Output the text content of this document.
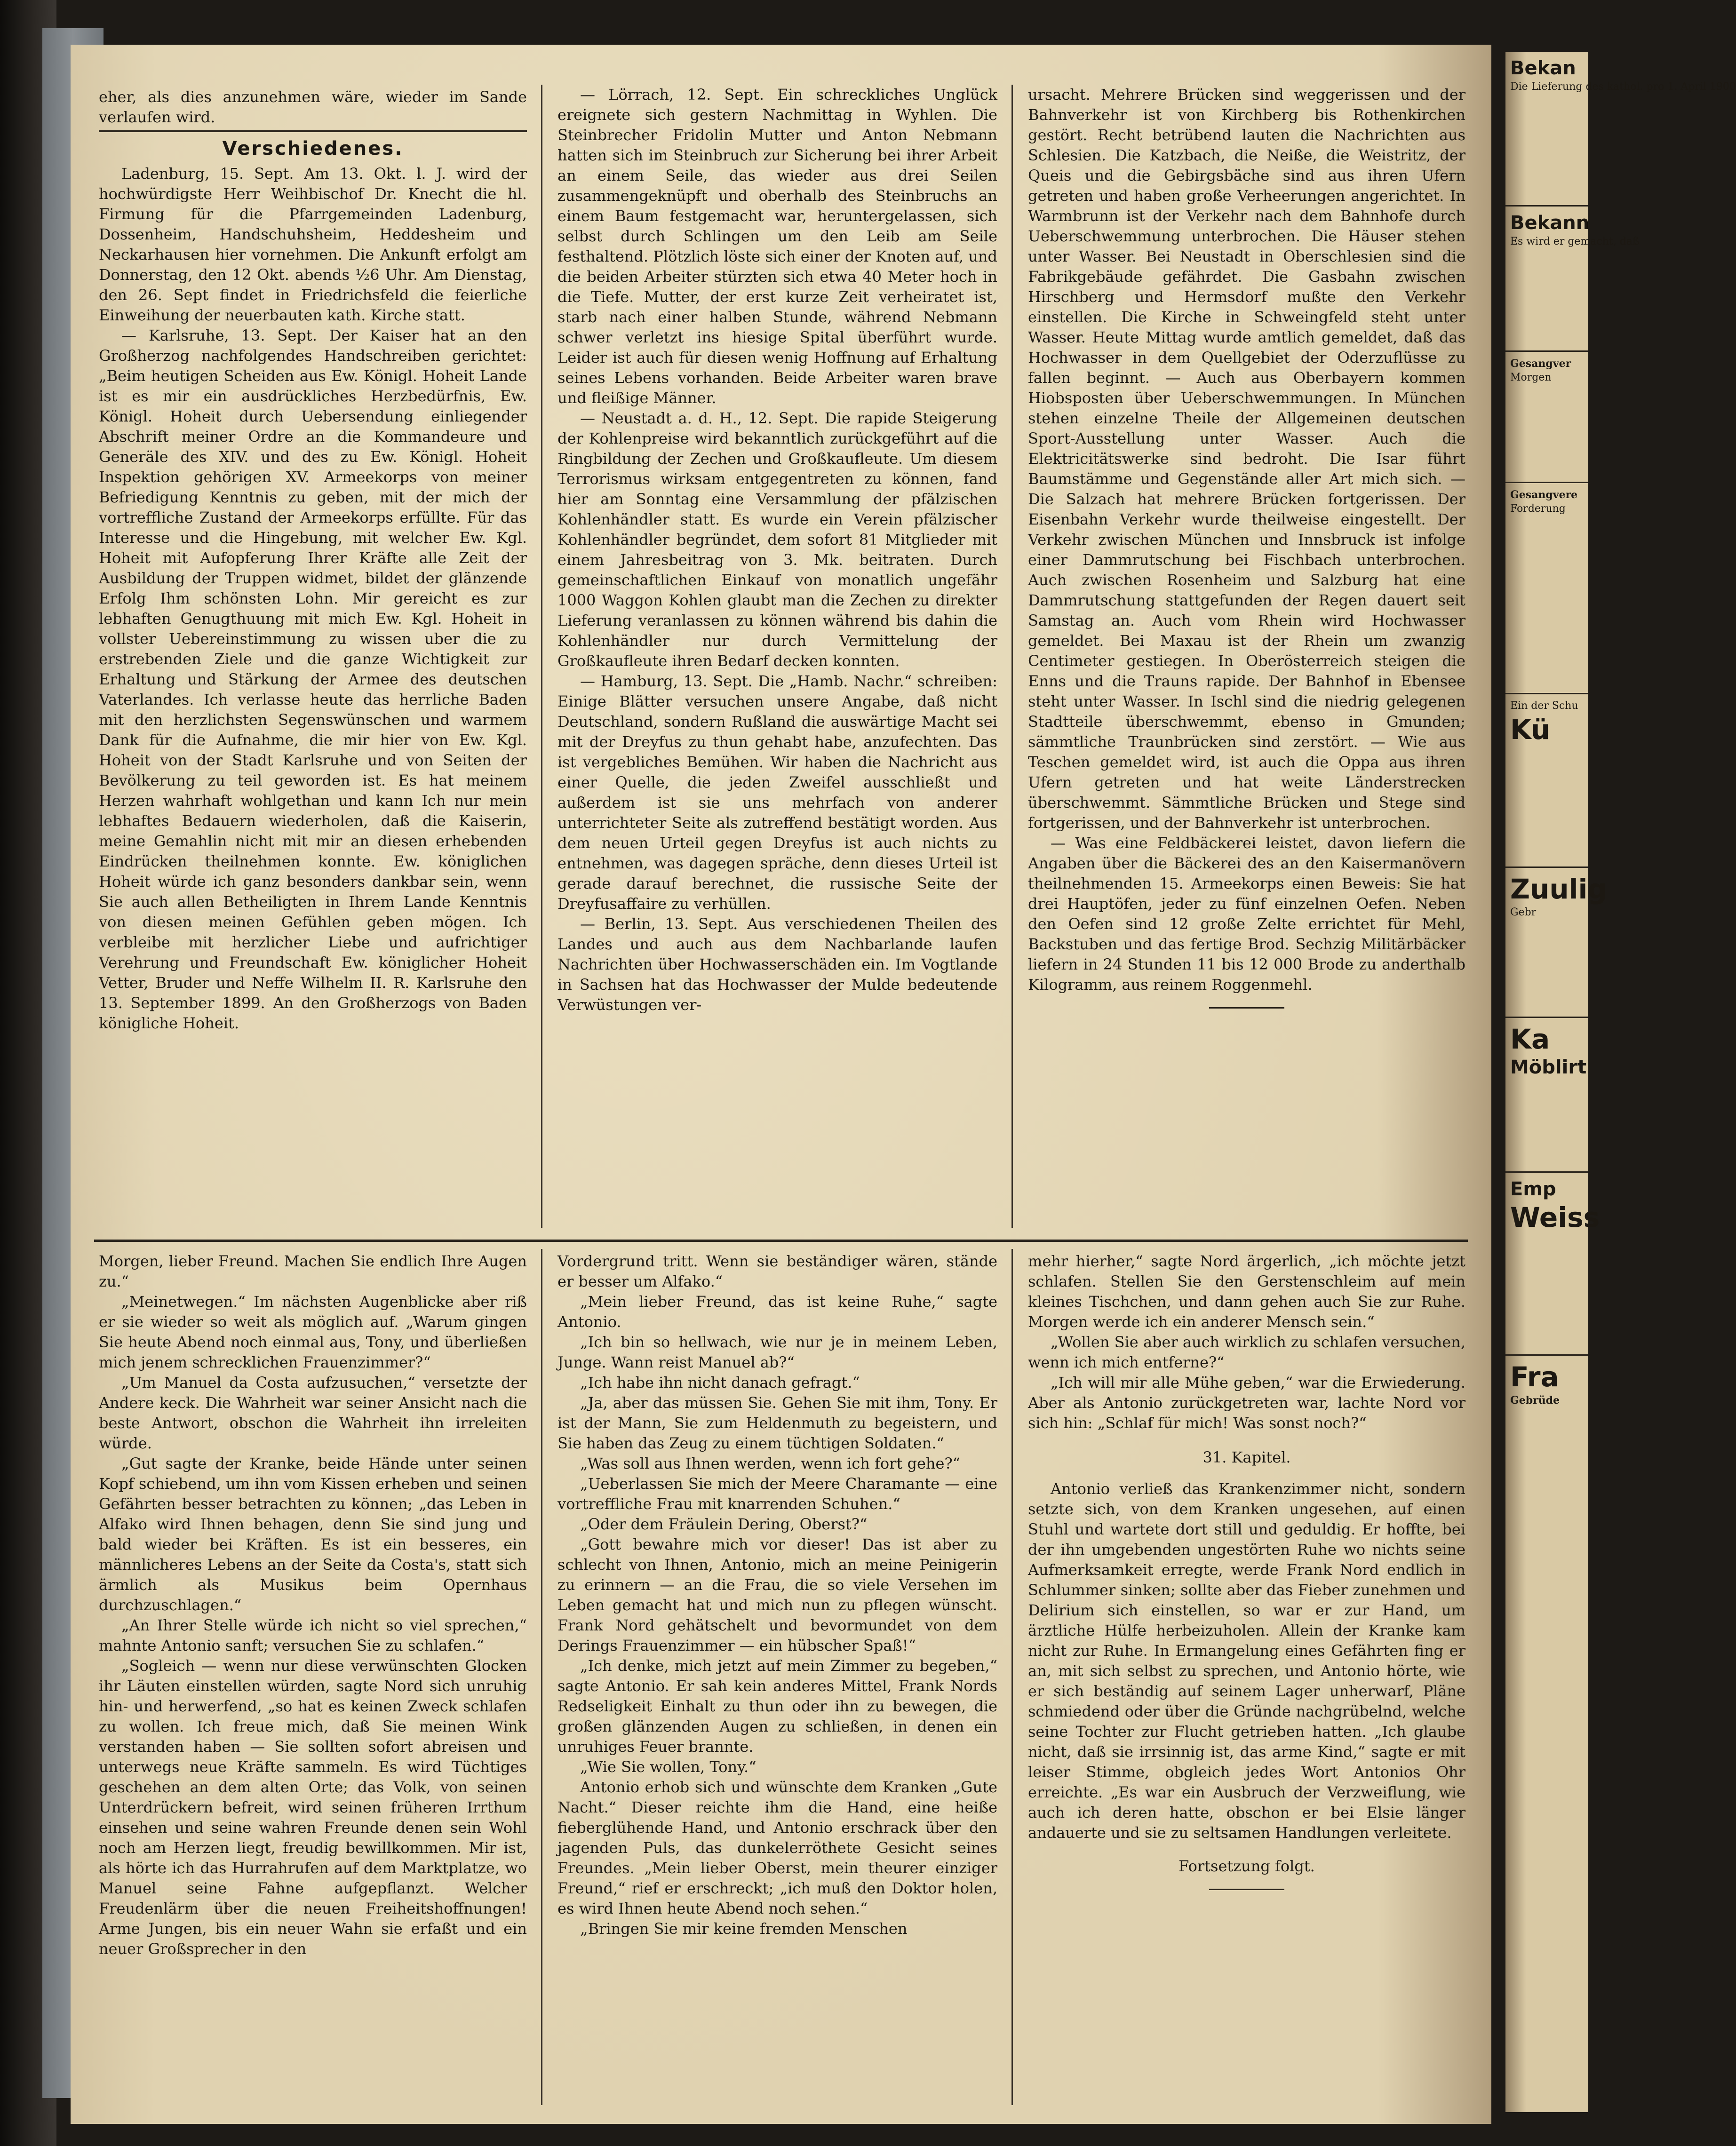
eher, als dies anzunehmen wäre, wieder im Sande verlaufen wird.

Verschiedenes.

Ladenburg, 15. Sept. Am 13. Okt. l. J. wird der hochwürdigste Herr Weihbischof Dr. Knecht die hl. Firmung für die Pfarrgemeinden Ladenburg, Dossenheim, Handschuhsheim, Heddesheim und Neckarhausen hier vornehmen. Die Ankunft erfolgt am Donnerstag, den 12 Okt. abends ½6 Uhr. Am Dienstag, den 26. Sept findet in Friedrichsfeld die feierliche Einweihung der neuerbauten kath. Kirche statt.

— Karlsruhe, 13. Sept. Der Kaiser hat an den Großherzog nachfolgendes Handschreiben gerichtet: „Beim heutigen Scheiden aus Ew. Königl. Hoheit Lande ist es mir ein ausdrückliches Herzbedürfnis, Ew. Königl. Hoheit durch Uebersendung einliegender Abschrift meiner Ordre an die Kommandeure und Generäle des XIV. und des zu Ew. Königl. Hoheit Inspektion gehörigen XV. Armeekorps von meiner Befriedigung Kenntnis zu geben, mit der mich der vortreffliche Zustand der Armeekorps erfüllte. Für das Interesse und die Hingebung, mit welcher Ew. Kgl. Hoheit mit Aufopferung Ihrer Kräfte alle Zeit der Ausbildung der Truppen widmet, bildet der glänzende Erfolg Ihm schönsten Lohn. Mir gereicht es zur lebhaften Genugthuung mit mich Ew. Kgl. Hoheit in vollster Uebereinstimmung zu wissen uber die zu erstrebenden Ziele und die ganze Wichtigkeit zur Erhaltung und Stärkung der Armee des deutschen Vaterlandes. Ich verlasse heute das herrliche Baden mit den herzlichsten Segenswünschen und warmem Dank für die Aufnahme, die mir hier von Ew. Kgl. Hoheit von der Stadt Karlsruhe und von Seiten der Bevölkerung zu teil geworden ist. Es hat meinem Herzen wahrhaft wohlgethan und kann Ich nur mein lebhaftes Bedauern wiederholen, daß die Kaiserin, meine Gemahlin nicht mit mir an diesen erhebenden Eindrücken theilnehmen konnte. Ew. königlichen Hoheit würde ich ganz besonders dankbar sein, wenn Sie auch allen Betheiligten in Ihrem Lande Kenntnis von diesen meinen Gefühlen geben mögen. Ich verbleibe mit herzlicher Liebe und aufrichtiger Verehrung und Freundschaft Ew. königlicher Hoheit Vetter, Bruder und Neffe Wilhelm II. R. Karlsruhe den 13. September 1899. An den Großherzogs von Baden königliche Hoheit.

— Lörrach, 12. Sept. Ein schreckliches Unglück ereignete sich gestern Nachmittag in Wyhlen. Die Steinbrecher Fridolin Mutter und Anton Nebmann hatten sich im Steinbruch zur Sicherung bei ihrer Arbeit an einem Seile, das wieder aus drei Seilen zusammengeknüpft und oberhalb des Steinbruchs an einem Baum festgemacht war, heruntergelassen, sich selbst durch Schlingen um den Leib am Seile festhaltend. Plötzlich löste sich einer der Knoten auf, und die beiden Arbeiter stürzten sich etwa 40 Meter hoch in die Tiefe. Mutter, der erst kurze Zeit verheiratet ist, starb nach einer halben Stunde, während Nebmann schwer verletzt ins hiesige Spital überführt wurde. Leider ist auch für diesen wenig Hoffnung auf Erhaltung seines Lebens vorhanden. Beide Arbeiter waren brave und fleißige Männer.

— Neustadt a. d. H., 12. Sept. Die rapide Steigerung der Kohlenpreise wird bekanntlich zurückgeführt auf die Ringbildung der Zechen und Großkaufleute. Um diesem Terrorismus wirksam entgegentreten zu können, fand hier am Sonntag eine Versammlung der pfälzischen Kohlenhändler statt. Es wurde ein Verein pfälzischer Kohlenhändler begründet, dem sofort 81 Mitglieder mit einem Jahresbeitrag von 3. Mk. beitraten. Durch gemeinschaftlichen Einkauf von monatlich ungefähr 1000 Waggon Kohlen glaubt man die Zechen zu direkter Lieferung veranlassen zu können während bis dahin die Kohlenhändler nur durch Vermittelung der Großkaufleute ihren Bedarf decken konnten.

— Hamburg, 13. Sept. Die „Hamb. Nachr.“ schreiben: Einige Blätter versuchen unsere Angabe, daß nicht Deutschland, sondern Rußland die auswärtige Macht sei mit der Dreyfus zu thun gehabt habe, anzufechten. Das ist vergebliches Bemühen. Wir haben die Nachricht aus einer Quelle, die jeden Zweifel ausschließt und außerdem ist sie uns mehrfach von anderer unterrichteter Seite als zutreffend bestätigt worden. Aus dem neuen Urteil gegen Dreyfus ist auch nichts zu entnehmen, was dagegen spräche, denn dieses Urteil ist gerade darauf berechnet, die russische Seite der Dreyfusaffaire zu verhüllen.

— Berlin, 13. Sept. Aus verschiedenen Theilen des Landes und auch aus dem Nachbarlande laufen Nachrichten über Hochwasserschäden ein. Im Vogtlande in Sachsen hat das Hochwasser der Mulde bedeutende Verwüstungen ver-

ursacht. Mehrere Brücken sind weggerissen und der Bahnverkehr ist von Kirchberg bis Rothenkirchen gestört. Recht betrübend lauten die Nachrichten aus Schlesien. Die Katzbach, die Neiße, die Weistritz, der Queis und die Gebirgsbäche sind aus ihren Ufern getreten und haben große Verheerungen angerichtet. In Warmbrunn ist der Verkehr nach dem Bahnhofe durch Ueberschwemmung unterbrochen. Die Häuser stehen unter Wasser. Bei Neustadt in Oberschlesien sind die Fabrikgebäude gefährdet. Die Gasbahn zwischen Hirschberg und Hermsdorf mußte den Verkehr einstellen. Die Kirche in Schweingfeld steht unter Wasser. Heute Mittag wurde amtlich gemeldet, daß das Hochwasser in dem Quellgebiet der Oderzuflüsse zu fallen beginnt. — Auch aus Oberbayern kommen Hiobsposten über Ueberschwemmungen. In München stehen einzelne Theile der Allgemeinen deutschen Sport-Ausstellung unter Wasser. Auch die Elektricitätswerke sind bedroht. Die Isar führt Baumstämme und Gegenstände aller Art mich sich. — Die Salzach hat mehrere Brücken fortgerissen. Der Eisenbahn Verkehr wurde theilweise eingestellt. Der Verkehr zwischen München und Innsbruck ist infolge einer Dammrutschung bei Fischbach unterbrochen. Auch zwischen Rosenheim und Salzburg hat eine Dammrutschung stattgefunden der Regen dauert seit Samstag an. Auch vom Rhein wird Hochwasser gemeldet. Bei Maxau ist der Rhein um zwanzig Centimeter gestiegen. In Oberösterreich steigen die Enns und die Trauns rapide. Der Bahnhof in Ebensee steht unter Wasser. In Ischl sind die niedrig gelegenen Stadtteile überschwemmt, ebenso in Gmunden; sämmtliche Traunbrücken sind zerstört. — Wie aus Teschen gemeldet wird, ist auch die Oppa aus ihren Ufern getreten und hat weite Länderstrecken überschwemmt. Sämmtliche Brücken und Stege sind fortgerissen, und der Bahnverkehr ist unterbrochen.

— Was eine Feldbäckerei leistet, davon liefern die Angaben über die Bäckerei des an den Kaisermanövern theilnehmenden 15. Armeekorps einen Beweis: Sie hat drei Hauptöfen, jeder zu fünf einzelnen Oefen. Neben den Oefen sind 12 große Zelte errichtet für Mehl, Backstuben und das fertige Brod. Sechzig Militärbäcker liefern in 24 Stunden 11 bis 12 000 Brode zu anderthalb Kilogramm, aus reinem Roggenmehl.

Morgen, lieber Freund. Machen Sie endlich Ihre Augen zu.“

„Meinetwegen.“ Im nächsten Augenblicke aber riß er sie wieder so weit als möglich auf. „Warum gingen Sie heute Abend noch einmal aus, Tony, und überließen mich jenem schrecklichen Frauenzimmer?“

„Um Manuel da Costa aufzusuchen,“ versetzte der Andere keck. Die Wahrheit war seiner Ansicht nach die beste Antwort, obschon die Wahrheit ihn irreleiten würde.

„Gut sagte der Kranke, beide Hände unter seinen Kopf schiebend, um ihn vom Kissen erheben und seinen Gefährten besser betrachten zu können; „das Leben in Alfako wird Ihnen behagen, denn Sie sind jung und bald wieder bei Kräften. Es ist ein besseres, ein männlicheres Lebens an der Seite da Costa's, statt sich ärmlich als Musikus beim Opernhaus durchzuschlagen.“

„An Ihrer Stelle würde ich nicht so viel sprechen,“ mahnte Antonio sanft; versuchen Sie zu schlafen.“

„Sogleich — wenn nur diese verwünschten Glocken ihr Läuten einstellen würden, sagte Nord sich unruhig hin- und herwerfend, „so hat es keinen Zweck schlafen zu wollen. Ich freue mich, daß Sie meinen Wink verstanden haben — Sie sollten sofort abreisen und unterwegs neue Kräfte sammeln. Es wird Tüchtiges geschehen an dem alten Orte; das Volk, von seinen Unterdrückern befreit, wird seinen früheren Irrthum einsehen und seine wahren Freunde denen sein Wohl noch am Herzen liegt, freudig bewillkommen. Mir ist, als hörte ich das Hurrahrufen auf dem Marktplatze, wo Manuel seine Fahne aufgepflanzt. Welcher Freudenlärm über die neuen Freiheitshoffnungen! Arme Jungen, bis ein neuer Wahn sie erfaßt und ein neuer Großsprecher in den

Vordergrund tritt. Wenn sie beständiger wären, stände er besser um Alfako.“

„Mein lieber Freund, das ist keine Ruhe,“ sagte Antonio.

„Ich bin so hellwach, wie nur je in meinem Leben, Junge. Wann reist Manuel ab?“

„Ich habe ihn nicht danach gefragt.“

„Ja, aber das müssen Sie. Gehen Sie mit ihm, Tony. Er ist der Mann, Sie zum Heldenmuth zu begeistern, und Sie haben das Zeug zu einem tüchtigen Soldaten.“

„Was soll aus Ihnen werden, wenn ich fort gehe?“

„Ueberlassen Sie mich der Meere Charamante — eine vortreffliche Frau mit knarrenden Schuhen.“

„Oder dem Fräulein Dering, Oberst?“

„Gott bewahre mich vor dieser! Das ist aber zu schlecht von Ihnen, Antonio, mich an meine Peinigerin zu erinnern — an die Frau, die so viele Versehen im Leben gemacht hat und mich nun zu pflegen wünscht. Frank Nord gehätschelt und bevormundet von dem Derings Frauenzimmer — ein hübscher Spaß!“

„Ich denke, mich jetzt auf mein Zimmer zu begeben,“ sagte Antonio. Er sah kein anderes Mittel, Frank Nords Redseligkeit Einhalt zu thun oder ihn zu bewegen, die großen glänzenden Augen zu schließen, in denen ein unruhiges Feuer brannte.

„Wie Sie wollen, Tony.“

Antonio erhob sich und wünschte dem Kranken „Gute Nacht.“ Dieser reichte ihm die Hand, eine heiße fieberglühende Hand, und Antonio erschrack über den jagenden Puls, das dunkelerröthete Gesicht seines Freundes. „Mein lieber Oberst, mein theurer einziger Freund,“ rief er erschreckt; „ich muß den Doktor holen, es wird Ihnen heute Abend noch sehen.“

„Bringen Sie mir keine fremden Menschen

mehr hierher,“ sagte Nord ärgerlich, „ich möchte jetzt schlafen. Stellen Sie den Gerstenschleim auf mein kleines Tischchen, und dann gehen auch Sie zur Ruhe. Morgen werde ich ein anderer Mensch sein.“

„Wollen Sie aber auch wirklich zu schlafen versuchen, wenn ich mich entferne?“

„Ich will mir alle Mühe geben,“ war die Erwiederung. Aber als Antonio zurückgetreten war, lachte Nord vor sich hin: „Schlaf für mich! Was sonst noch?“

31. Kapitel.

Antonio verließ das Krankenzimmer nicht, sondern setzte sich, von dem Kranken ungesehen, auf einen Stuhl und wartete dort still und geduldig. Er hoffte, bei der ihn umgebenden ungestörten Ruhe wo nichts seine Aufmerksamkeit erregte, werde Frank Nord endlich in Schlummer sinken; sollte aber das Fieber zunehmen und Delirium sich einstellen, so war er zur Hand, um ärztliche Hülfe herbeizuholen. Allein der Kranke kam nicht zur Ruhe. In Ermangelung eines Gefährten fing er an, mit sich selbst zu sprechen, und Antonio hörte, wie er sich beständig auf seinem Lager unherwarf, Pläne schmiedend oder über die Gründe nachgrübelnd, welche seine Tochter zur Flucht getrieben hatten. „Ich glaube nicht, daß sie irrsinnig ist, das arme Kind,“ sagte er mit leiser Stimme, obgleich jedes Wort Antonios Ohr erreichte. „Es war ein Ausbruch der Verzweiflung, wie auch ich deren hatte, obschon er bei Elsie länger andauerte und sie zu seltsamen Handlungen verleitete.

Fortsetzung folgt.

Bekan
Die Lieferung des kathol. pro 1. April 1900
Bekann
Es wird er gemacht, daß
Gesangver
Morgen
Gesangvere
Forderung
Ein der Schu
Kü
Zuulig
Gebr
Ka
Möblirt
Emp
Weiss
Fra
Gebrüde
